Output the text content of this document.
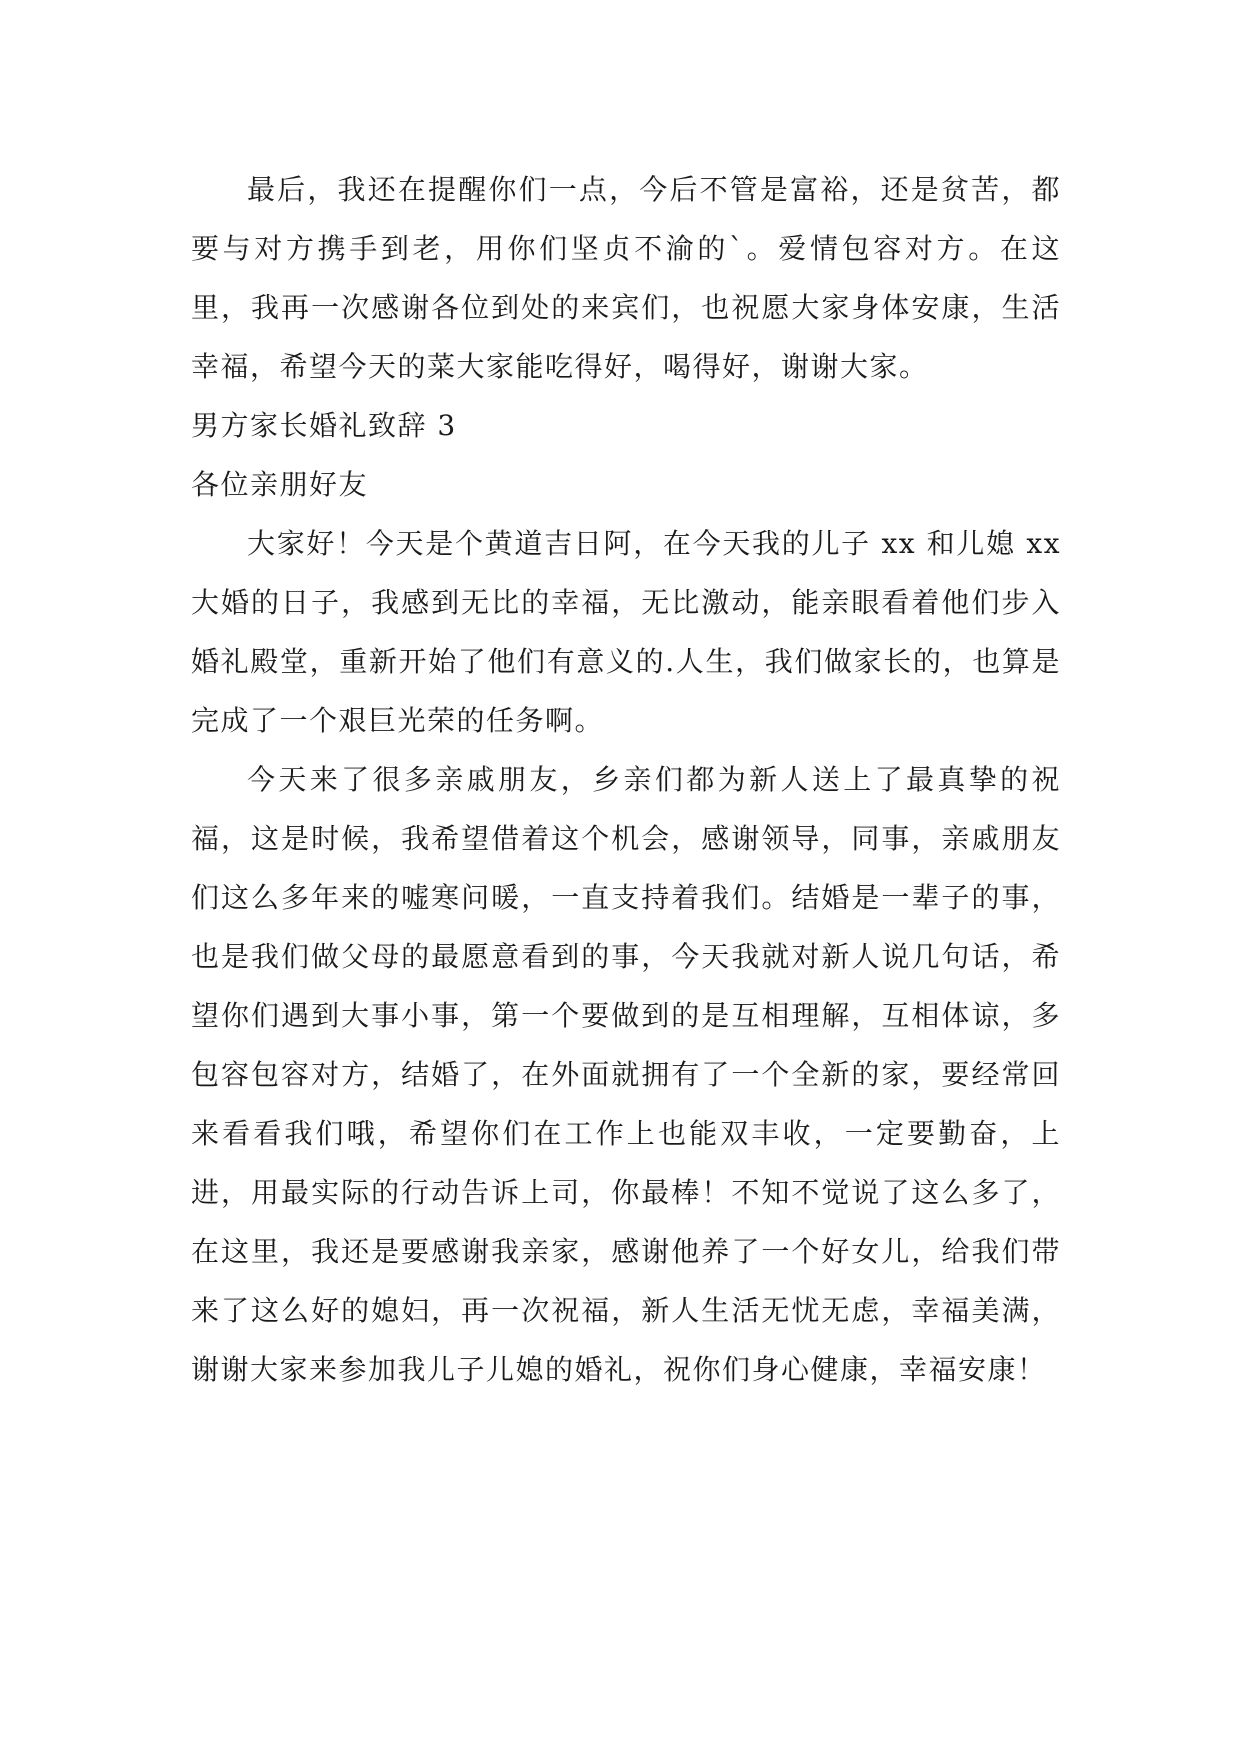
最后，我还在提醒你们一点，今后不管是富裕，还是贫苦，都要与对方携手到老，用你们坚贞不渝的`。爱情包容对方。在这里，我再一次感谢各位到处的来宾们，也祝愿大家身体安康，生活幸福，希望今天的菜大家能吃得好，喝得好，谢谢大家。

男方家长婚礼致辞 3

各位亲朋好友

大家好！今天是个黄道吉日阿，在今天我的儿子 xx 和儿媳 xx 大婚的日子，我感到无比的幸福，无比激动，能亲眼看着他们步入婚礼殿堂，重新开始了他们有意义的.人生，我们做家长的，也算是完成了一个艰巨光荣的任务啊。

今天来了很多亲戚朋友，乡亲们都为新人送上了最真挚的祝福，这是时候，我希望借着这个机会，感谢领导，同事，亲戚朋友们这么多年来的嘘寒问暖，一直支持着我们。结婚是一辈子的事，也是我们做父母的最愿意看到的事，今天我就对新人说几句话，希望你们遇到大事小事，第一个要做到的是互相理解，互相体谅，多包容包容对方，结婚了，在外面就拥有了一个全新的家，要经常回来看看我们哦，希望你们在工作上也能双丰收，一定要勤奋，上进，用最实际的行动告诉上司，你最棒！不知不觉说了这么多了，在这里，我还是要感谢我亲家，感谢他养了一个好女儿，给我们带来了这么好的媳妇，再一次祝福，新人生活无忧无虑，幸福美满，谢谢大家来参加我儿子儿媳的婚礼，祝你们身心健康，幸福安康！
